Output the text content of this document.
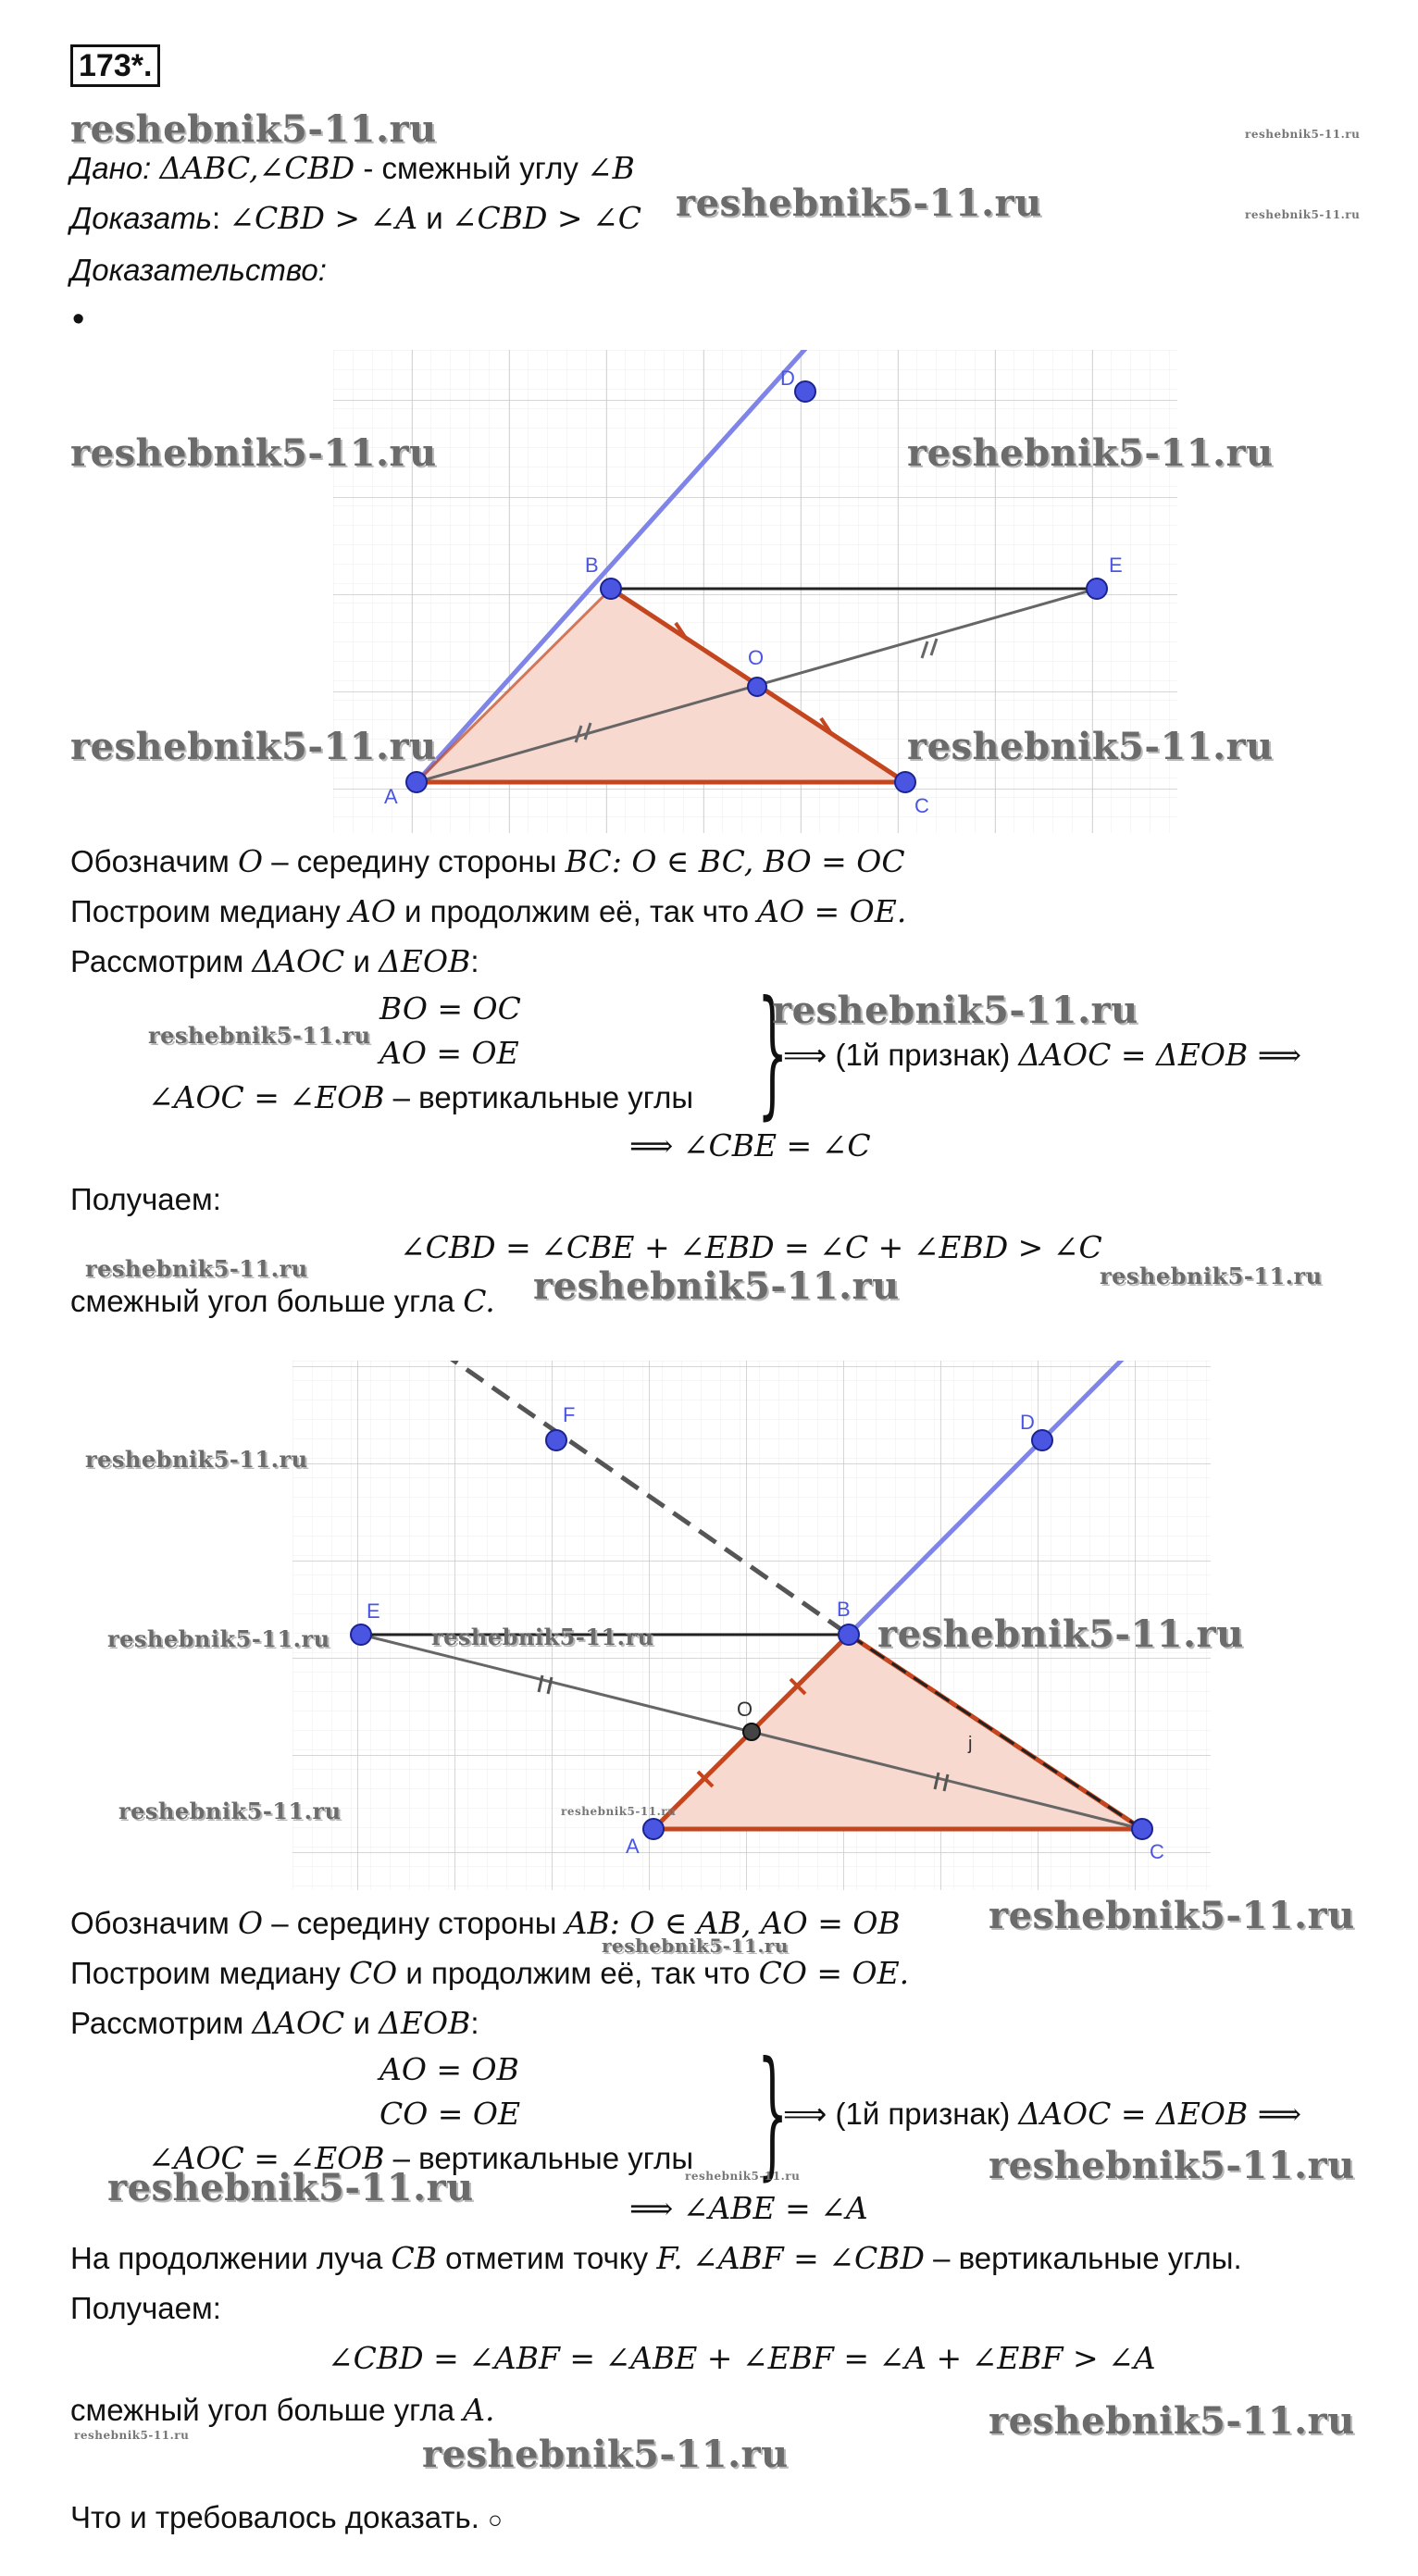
173*.
reshebnik5-11.ru	reshebnik5-11.ru
Дано: ΔABC,∠CBD - смежный углу ∠B
Доказать: ∠CBD > ∠A и ∠CBD > ∠C reshebnik5-11.ru	reshebnik5-11.ru
Доказательство:
•
A
B
C
D
E
O
reshebnik5-11.ru	reshebnik5-11.ru
reshebnik5-11.ru	reshebnik5-11.ru
Обозначим O – середину стороны BC: O ∈ BC, BO = OC
Построим медиану AO и продолжим её, так что AO = OE.
Рассмотрим ΔAOC и ΔEOB:
BO = OC
AO = OE
∠AOC = ∠EOB – вертикальные углы }
reshebnik5-11.ru
reshebnik5-11.ru
⟹ (1й признак) ΔAOC = ΔEOB ⟹
⟹ ∠CBE = ∠C
Получаем:
∠CBD = ∠CBE + ∠EBD = ∠C + ∠EBD > ∠C
reshebnik5-11.ru	reshebnik5-11.ru
смежный угол больше угла C. reshebnik5-11.ru
A
B
C
D
E
F
O
j
reshebnik5-11.ru
reshebnik5-11.ru	reshebnik5-11.ru	reshebnik5-11.ru
reshebnik5-11.ru	reshebnik5-11.ru
Обозначим O – середину стороны AB: O ∈ AB, AO = OB reshebnik5-11.ru
reshebnik5-11.ru
Построим медиану CO и продолжим её, так что CO = OE.
Рассмотрим ΔAOC и ΔEOB:
AO = OB
CO = OE
∠AOC = ∠EOB – вертикальные углы }
⟹ (1й признак) ΔAOC = ΔEOB ⟹
reshebnik5-11.ru
reshebnik5-11.ru	reshebnik5-11.ru
⟹ ∠ABE = ∠A
На продолжении луча CB отметим точку F. ∠ABF = ∠CBD – вертикальные углы.
Получаем:
∠CBD = ∠ABF = ∠ABE + ∠EBF = ∠A + ∠EBF > ∠A
смежный угол больше угла A.	reshebnik5-11.ru
reshebnik5-11.ru	reshebnik5-11.ru
Что и требовалось доказать. ○
